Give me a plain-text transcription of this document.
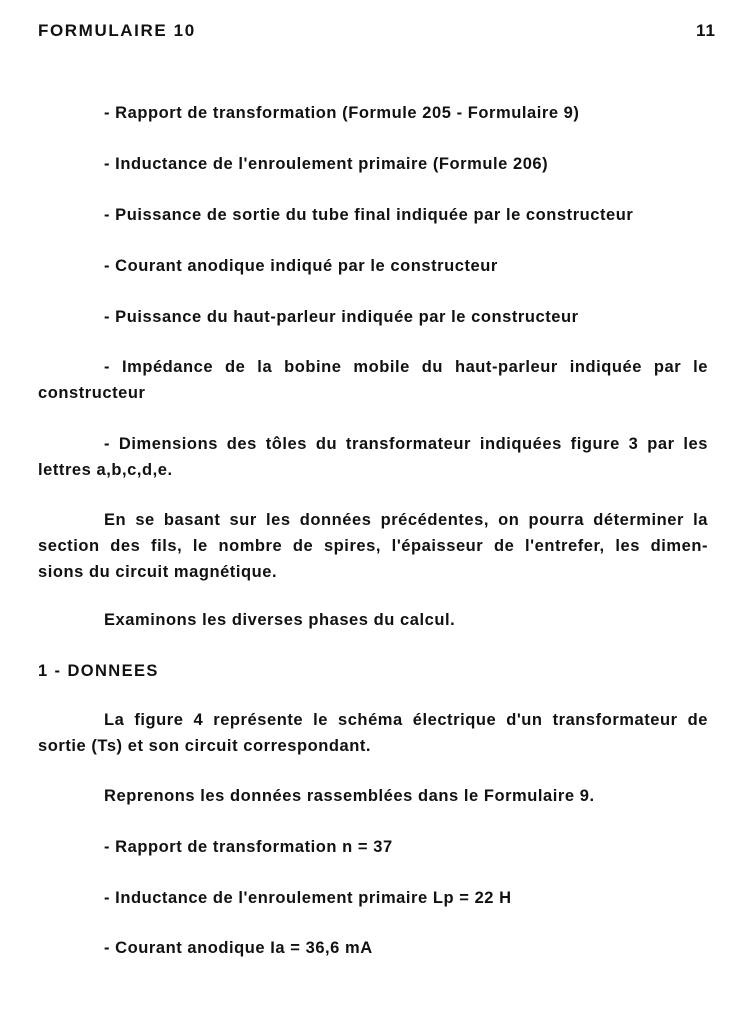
FORMULAIRE 10	11
- Rapport de transformation (Formule 205 - Formulaire 9)
- Inductance de l'enroulement primaire (Formule 206)
- Puissance de sortie du tube final indiquée par le constructeur
- Courant anodique indiqué par le constructeur
- Puissance du haut-parleur indiquée par le constructeur
- Impédance de la bobine mobile du haut-parleur indiquée par le
constructeur
- Dimensions des tôles du transformateur indiquées figure 3 par les
lettres a,b,c,d,e.
En se basant sur les données précédentes, on pourra déterminer la
section des fils, le nombre de spires, l'épaisseur de l'entrefer, les dimen-
sions du circuit magnétique.
Examinons les diverses phases du calcul.
1 - DONNEES
La figure 4 représente le schéma électrique d'un transformateur de
sortie (Ts) et son circuit correspondant.
Reprenons les données rassemblées dans le Formulaire 9.
- Rapport de transformation n = 37
- Inductance de l'enroulement primaire Lp = 22 H
- Courant anodique Ia = 36,6 mA
